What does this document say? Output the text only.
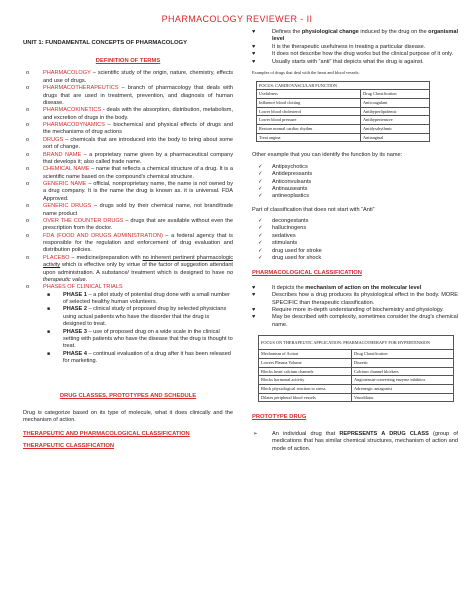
PHARMACOLOGY REVIEWER - II
UNIT 1: FUNDAMENTAL CONCEPTS OF PHARMACOLOGY
DEFINITION OF TERMS
o PHARMACOLOGY – scientific study of the origin, nature, chemistry, effects and use of drugs.
o PHARMACOTHERAPEUTICS – branch of pharmacology that deals with drugs that are used in treatment, prevention, and diagnosis of human disease.
o PHARMACOKINETICS - deals with the absorption, distribution, metabolism, and excretion of drugs in the body.
o PHARMACODYNAMICS – biochemical and physical effects of drugs and the mechanisms of drug actions
o DRUGS – chemicals that are introduced into the body to bring about some sort of change.
o BRAND NAME – a proprietary name given by a pharmaceutical company that develops it; also called trade name.
o CHEMICAL NAME – name that reflects a chemical structure of a drug. It is a scientific name based on the compound's chemical structure.
o GENERIC NAME – official, nonproprietary name, the name is not owned by a drug company. It is the name the drug is known as. it is universal. FDA Approved.
o GENERIC DRUGS – drugs sold by their chemical name, not brand/trade name product
o OVER THE COUNTER DRUGS – drugs that are available without even the prescription from the doctor.
o FDA (FOOD AND DRUGS ADMINISTRATION) – a federal agency that is responsible for the regulation and enforcement of drug evaluation and distribution policies.
o PLACEBO – medicine/preparation with no inherent pertinent pharmacologic activity which is effective only by virtue of the factor of suggestion attendant upon administration. A substance/ treatment which is designed to have no therapeutic value.
o PHASES OF CLINICAL TRIALS
■ PHASE 1 – a pilot study of potential drug done with a small number of selected healthy human volunteers.
■ PHASE 2 – clinical study of proposed drug by selected physicians using actual patients who have the disorder that the drug is designed to treat.
■ PHASE 3 – use of proposed drug on a wide scale in the clinical setting with patients who have the disease that the drug is thought to treat.
■ PHASE 4 – continual evaluation of a drug after it has been released for marketing.
DRUG CLASSES, PROTOTYPES AND SCHEDULE
Drug is categorize based on its type of molecule, what it does clinically and the mechanism of action.
THERAPEUTIC AND PHARMACOLOGICAL CLASSIFICATION
THERAPEUTIC CLASSIFICATION
♥	Defines the physiological change induced by the drug on the organismal level
♥	It is the therapeutic usefulness in treating a particular disease.
♥	It does not describe how the drug works but the clinical purpose of it only.
♥	Usually starts with “anti” that depicts what the drug is against.
Examples of drugs that deal with the heart and blood vessels:
FOCUS: CARDIOVASCULAR FUNCTION	
Usefulness	Drug Classification
Influence blood clotting	Anticoagulant
Lower blood cholesterol	Antihyperlipidemic
Lower blood pressure	Antihypertensive
Restore normal cardiac rhythm	Antidysrhythmic
Treat angina	Antianginal
Other example that you can identify the function by its name:
✓ Antipsychotics
✓ Antidepressants
✓ Anticonvulsants
✓ Antinauseants
✓ antineoplastics
Part of classification that does not start with “Anti”
✓ decongestants
✓ hallucinogens
✓ sedatives
✓ stimulants
✓ drug used for stroke
✓ drug used for shock
PHARMACOLOGICAL CLASSIFICATION
♥	It depicts the mechanism of action on the molecular level
♥	Describes how a drug produces its physiological effect in the body. MORE SPECIFIC than therapeutic classification.
♥	Require more in-depth understanding of biochemistry and physiology.
♥	May be described with complexity, sometimes consider the drug's chemical name.
FOCUS ON THERAPEUTIC APPLICATION: PHARMACOTHERAPY FOR HYPERTENSION	
Mechanism of Action	Drug Classification
Lowers Plasma Volume	Diuretic
Blocks heart calcium channels	Calcium channel blockers
Blocks hormonal activity	Angiotensin-converting enzyme inhibitor
Block physiological reaction to stress	Adrenergic antagonist
Dilates peripheral blood vessels	Vasodilator
PROTOTYPE DRUG
➢	An individual drug that REPRESENTS A DRUG CLASS (group of medications that has similar chemical structures, mechanism of action and mode of action.
